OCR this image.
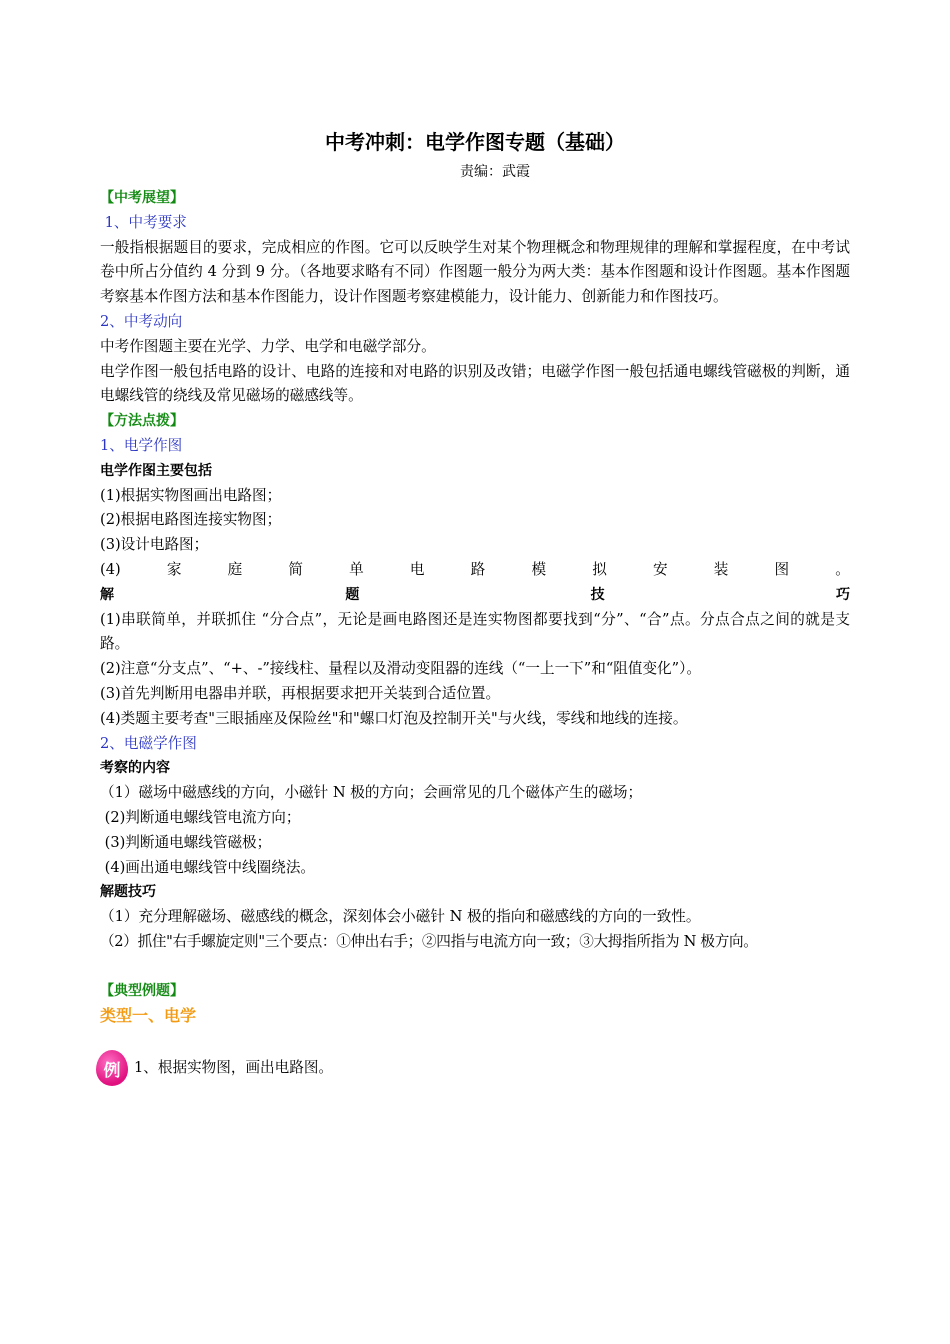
中考冲刺：电学作图专题（基础）
责编：武霞
【中考展望】
1、中考要求

一般指根据题目的要求，完成相应的作图。它可以反映学生对某个物理概念和物理规律的理解和掌握程度，在中考试卷中所占分值约 4 分到 9 分。（各地要求略有不同）作图题一般分为两大类：基本作图题和设计作图题。基本作图题考察基本作图方法和基本作图能力，设计作图题考察建模能力，设计能力、创新能力和作图技巧。

2、中考动向

中考作图题主要在光学、力学、电学和电磁学部分。

电学作图一般包括电路的设计、电路的连接和对电路的识别及改错；电磁学作图一般包括通电螺线管磁极的判断，通电螺线管的绕线及常见磁场的磁感线等。

【方法点拨】
1、电学作图
电学作图主要包括
(1)根据实物图画出电路图；
(2)根据电路图连接实物图；
(3)设计电路图；
(4)	家	庭	简	单	电	路	模	拟	安	装	图	。
解	题	技	巧

(1)串联简单，并联抓住 “分合点”，无论是画电路图还是连实物图都要找到“分”、“合”点。分点合点之间的就是支路。

(2)注意“分支点”、“+、-”接线柱、量程以及滑动变阻器的连线（“一上一下”和“阻值变化”）。

(3)首先判断用电器串并联，再根据要求把开关装到合适位置。

(4)类题主要考查"三眼插座及保险丝"和"螺口灯泡及控制开关"与火线，零线和地线的连接。

2、电磁学作图
考察的内容
（1）磁场中磁感线的方向，小磁针 N 极的方向；会画常见的几个磁体产生的磁场；
(2)判断通电螺线管电流方向；
(3)判断通电螺线管磁极；
(4)画出通电螺线管中线圈绕法。
解题技巧
（1）充分理解磁场、磁感线的概念，深刻体会小磁针 N 极的指向和磁感线的方向的一致性。
（2）抓住"右手螺旋定则"三个要点：①伸出右手；②四指与电流方向一致；③大拇指所指为 N 极方向。
【典型例题】
类型一、电学
例 1、根据实物图，画出电路图。
